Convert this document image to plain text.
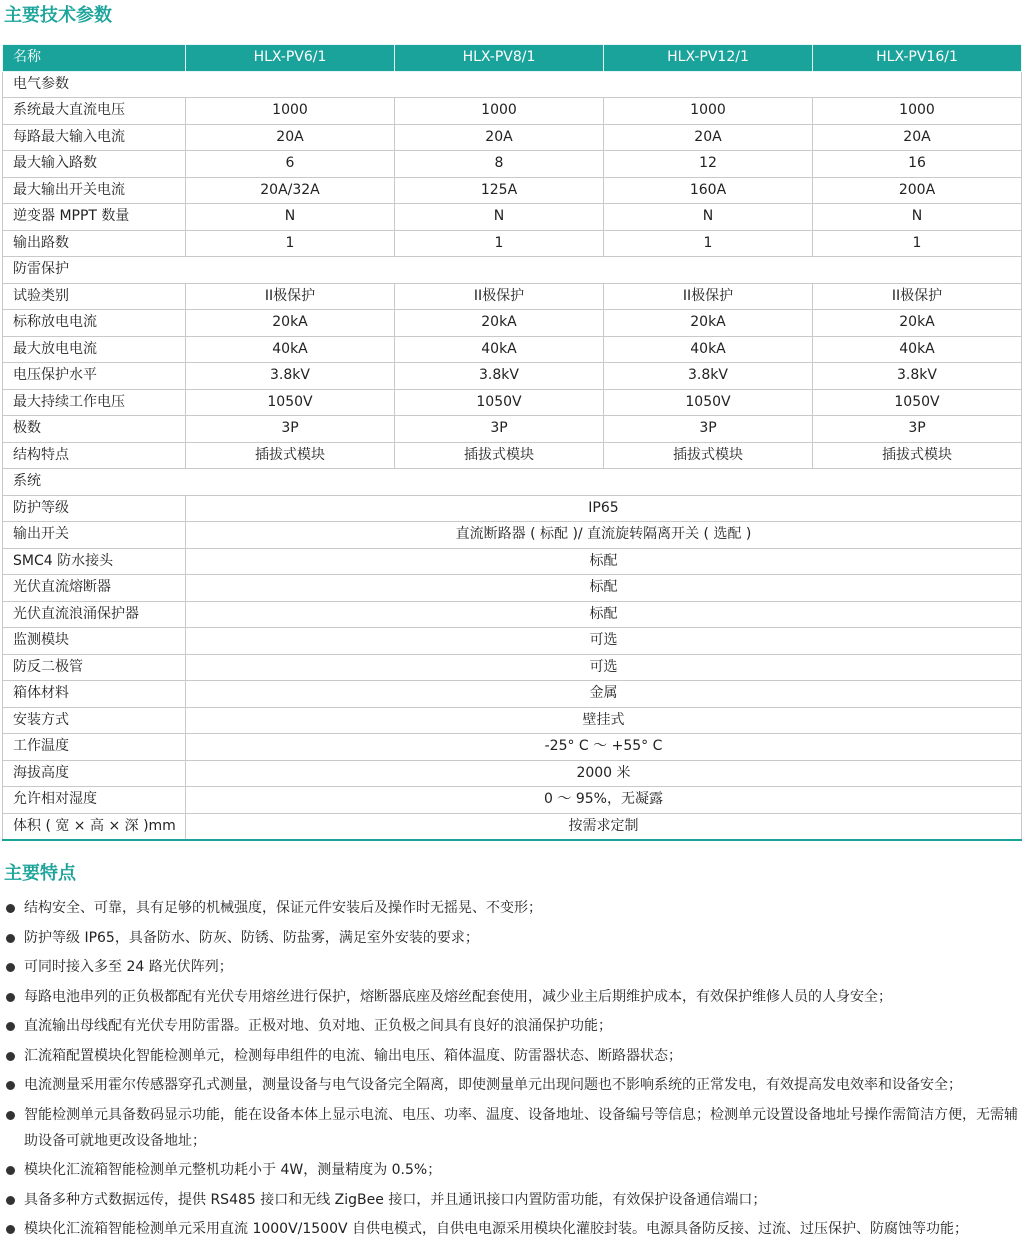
主要技术参数
名称	HLX-PV6/1	HLX-PV8/1	HLX-PV12/1	HLX-PV16/1
电气参数				
系统最大直流电压	1000	1000	1000	1000
每路最大输入电流	20A	20A	20A	20A
最大输入路数	6	8	12	16
最大输出开关电流	20A/32A	125A	160A	200A
逆变器 MPPT 数量	N	N	N	N
输出路数	1	1	1	1
防雷保护				
试验类别	II极保护	II极保护	II极保护	II极保护
标称放电电流	20kA	20kA	20kA	20kA
最大放电电流	40kA	40kA	40kA	40kA
电压保护水平	3.8kV	3.8kV	3.8kV	3.8kV
最大持续工作电压	1050V	1050V	1050V	1050V
极数	3P	3P	3P	3P
结构特点	插拔式模块	插拔式模块	插拔式模块	插拔式模块
系统				
防护等级	IP65			
输出开关	直流断路器 ( 标配 )/ 直流旋转隔离开关 ( 选配 )			
SMC4 防水接头	标配			
光伏直流熔断器	标配			
光伏直流浪涌保护器	标配			
监测模块	可选			
防反二极管	可选			
箱体材料	金属			
安装方式	壁挂式			
工作温度	-25° C ～ +55° C			
海拔高度	2000 米			
允许相对湿度	0 ～ 95%，无凝露			
体积 ( 宽 × 高 × 深 )mm	按需求定制			
主要特点
结构安全、可靠，具有足够的机械强度，保证元件安装后及操作时无摇晃、不变形；
防护等级 IP65，具备防水、防灰、防锈、防盐雾，满足室外安装的要求；
可同时接入多至 24 路光伏阵列；
每路电池串列的正负极都配有光伏专用熔丝进行保护，熔断器底座及熔丝配套使用，减少业主后期维护成本，有效保护维修人员的人身安全；
直流输出母线配有光伏专用防雷器。正极对地、负对地、正负极之间具有良好的浪涌保护功能；
汇流箱配置模块化智能检测单元，检测每串组件的电流、输出电压、箱体温度、防雷器状态、断路器状态；
电流测量采用霍尔传感器穿孔式测量，测量设备与电气设备完全隔离，即使测量单元出现问题也不影响系统的正常发电，有效提高发电效率和设备安全；
智能检测单元具备数码显示功能，能在设备本体上显示电流、电压、功率、温度、设备地址、设备编号等信息；检测单元设置设备地址号操作需简洁方便，无需辅助设备可就地更改设备地址；
模块化汇流箱智能检测单元整机功耗小于 4W，测量精度为 0.5%；
具备多种方式数据远传，提供 RS485 接口和无线 ZigBee 接口，并且通讯接口内置防雷功能，有效保护设备通信端口；
模块化汇流箱智能检测单元采用直流 1000V/1500V 自供电模式，自供电电源采用模块化灌胶封装。电源具备防反接、过流、过压保护、防腐蚀等功能；
